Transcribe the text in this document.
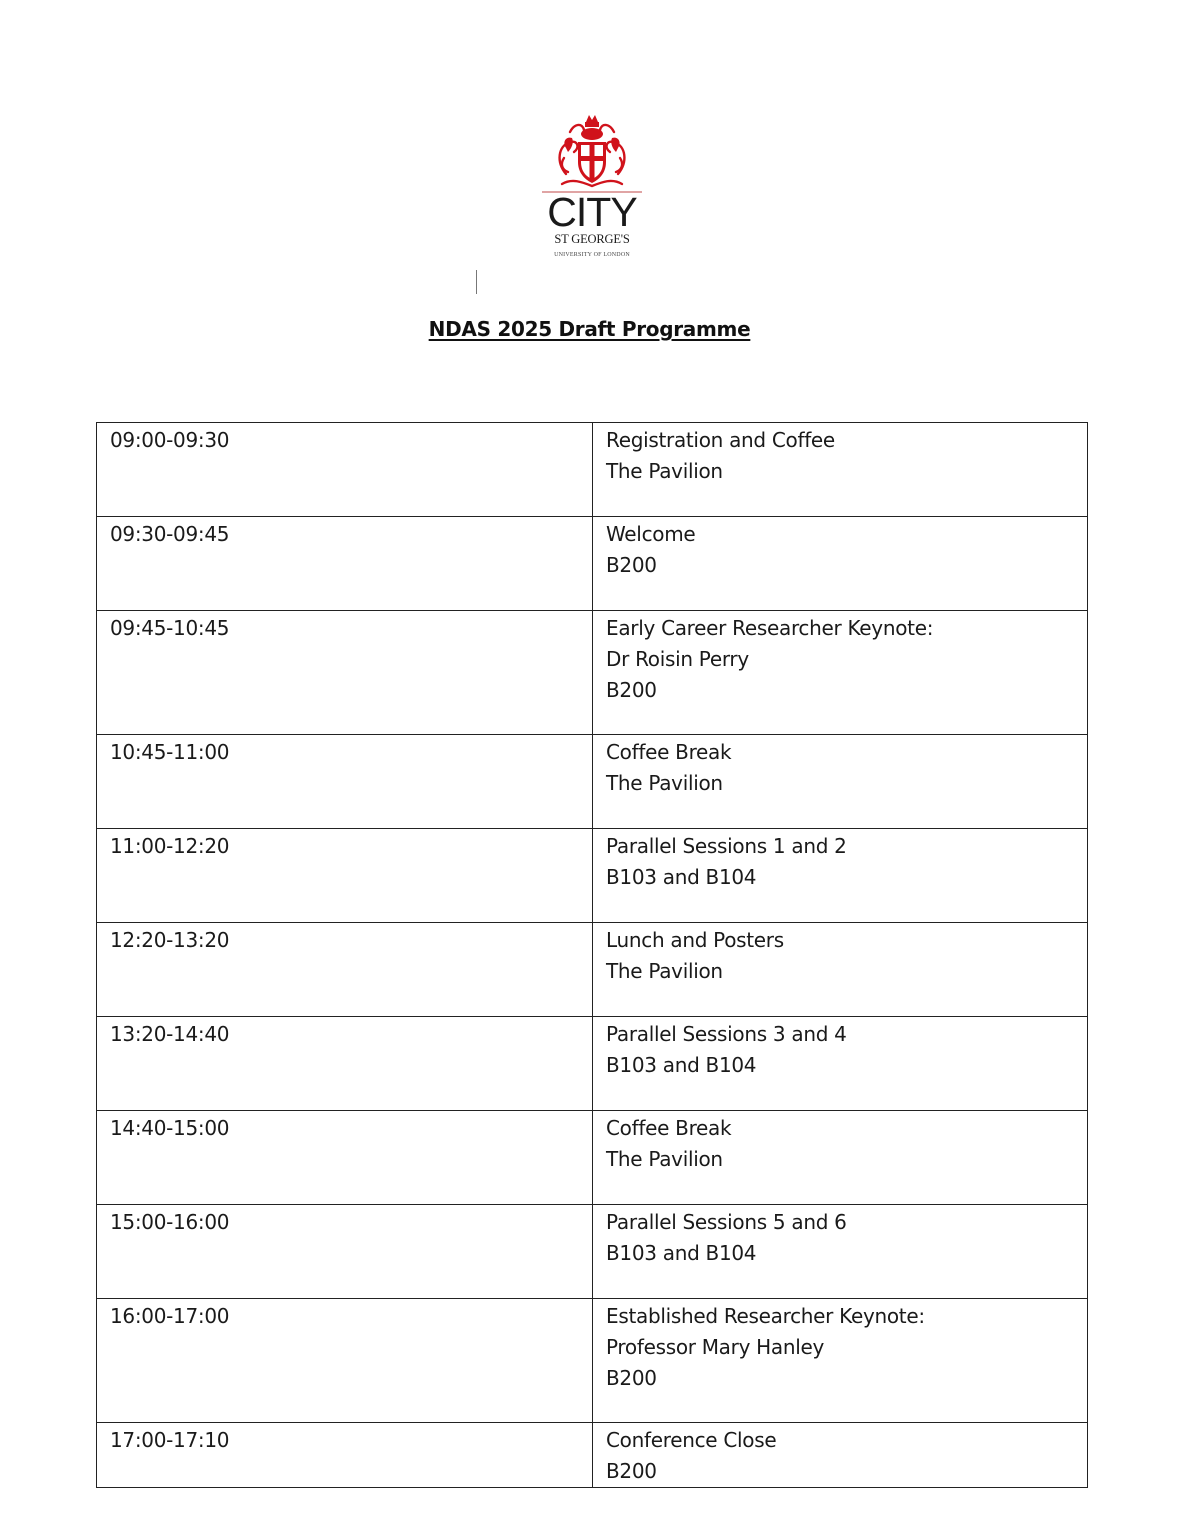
CITY
ST GEORGE'S
UNIVERSITY OF LONDON
NDAS 2025 Draft Programme
09:00-09:30	Registration and Coffee
The Pavilion

09:30-09:45	Welcome
B200

09:45-10:45	Early Career Researcher Keynote:
Dr Roisin Perry
B200

10:45-11:00	Coffee Break
The Pavilion

11:00-12:20	Parallel Sessions 1 and 2
B103 and B104

12:20-13:20	Lunch and Posters
The Pavilion

13:20-14:40	Parallel Sessions 3 and 4
B103 and B104

14:40-15:00	Coffee Break
The Pavilion

15:00-16:00	Parallel Sessions 5 and 6
B103 and B104

16:00-17:00	Established Researcher Keynote:
Professor Mary Hanley
B200

17:00-17:10	Conference Close
B200
